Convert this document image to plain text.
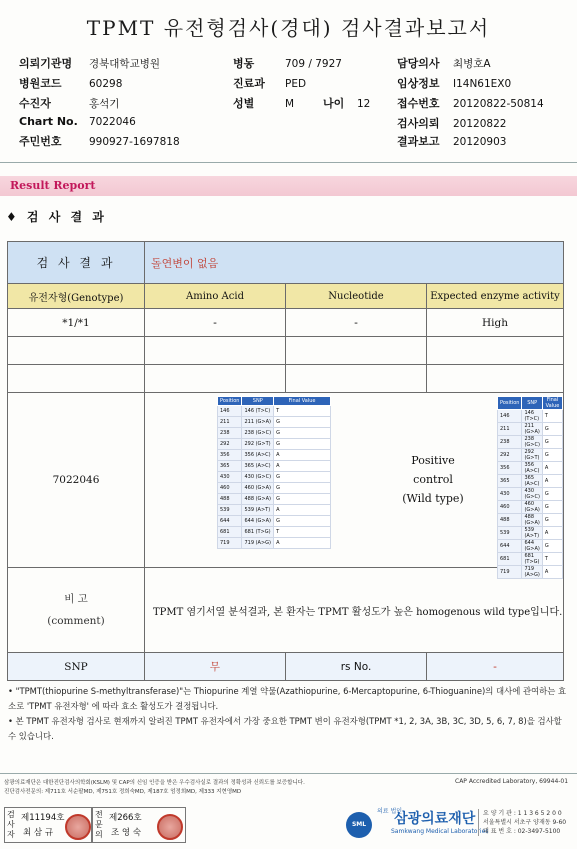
TPMT 유전형검사(경대) 검사결과보고서
의뢰기관명 경북대학교병원	병동	709 / 7927	담당의사 최병호A
병원코드	60298	진료과 PED	임상정보 I14N61EX0
수진자	홍석기	성별	M	나이 12 접수번호 20120822-50814
Chart No. 7022046	검사의뢰 20120822
주민번호	990927-1697818	결과보고 20120903
Result Report
♦ 검 사 결 과
검 사 결 과	돌연변이 없음
유전자형(Genotype)	Amino Acid	Nucleotide	Expected enzyme activity
*1/*1	-	-	High

7022046	
Position	SNP	Final Value
146	146 (T>C)	T
211	211 (G>A)	G
238	238 (G>C)	G
292	292 (G>T)	G
356	356 (A>C)	A
365	365 (A>C)	A
430	430 (G>C)	G
460	460 (G>A)	G
488	488 (G>A)	G
539	539 (A>T)	A
644	644 (G>A)	G
681	681 (T>G)	T
719	719 (A>G)	A
Positive
control
(Wild type)
Position	SNP	Final Value
146	146 (T>C)	T
211	211 (G>A)	G
238	238 (G>C)	G
292	292 (G>T)	G
356	356 (A>C)	A
365	365 (A>C)	A
430	430 (G>C)	G
460	460 (G>A)	G
488	488 (G>A)	G
539	539 (A>T)	A
644	644 (G>A)	G
681	681 (T>G)	T
719	719 (A>G)	A

비 고
(comment)
	TPMT 염기서열 분석결과, 본 환자는 TPMT 활성도가 높은 homogenous wild type입니다.
SNP	무	rs No.	-

• "TPMT(thiopurine S-methyltransferase)"는 Thiopurine 계열 약물(Azathiopurine, 6-Mercaptopurine, 6-Thioguanine)의 대사에 관여하는 효소로 'TPMT 유전자형' 에 따라 효소 활성도가 결정됩니다.

• 본 TPMT 유전자형 검사로 현재까지 알려진 TPMT 유전자에서 가장 중요한 TPMT 변이 유전자형(TPMT *1, 2, 3A, 3B, 3C, 3D, 5, 6, 7, 8)을 검사할 수 있습니다.

삼광의료재단은 대한진단검사의학회(KSLM) 및 CAP의 신임 인증을 받은 우수검사실로 결과의 정확성과 신뢰도를 보증합니다.
진단검사전문의: 제711호 서순팔MD, 제751호 정희숙MD, 제187호 엄정희MD, 제333 지현영MD
CAP Accredited Laboratory, 69944-01
검 사 자
제11194호
최 삼 규
전 문 의
제266호
조 영 숙
SML
의료 법인 삼광의료재단
Samkwang Medical Laboratories
요 양 기 관 : 1 1 3 6 5 2 0 0
서울특별시 서초구 양재동 9-60
대 표 번 호 : 02-3497-5100
